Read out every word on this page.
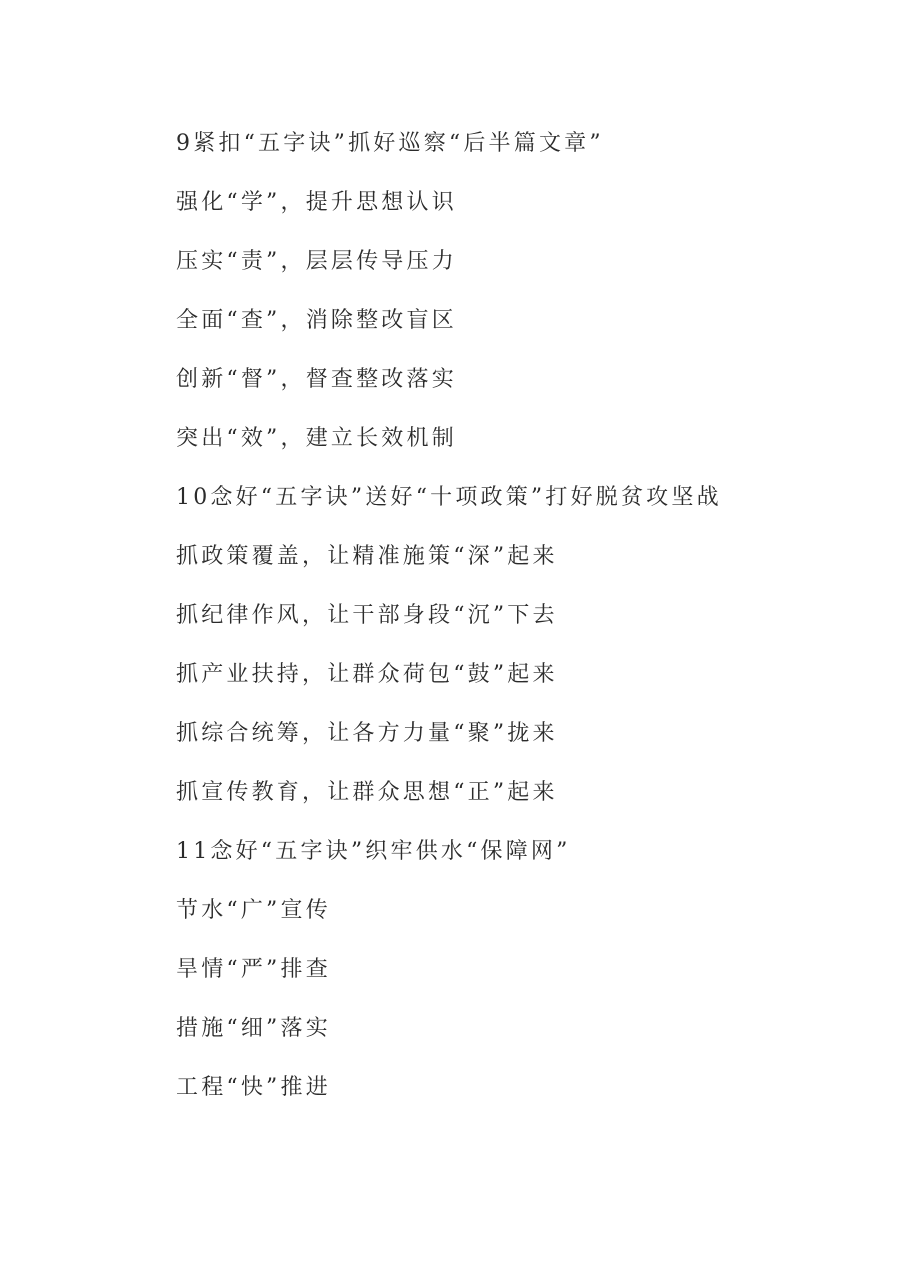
9紧扣“五字诀”抓好巡察“后半篇文章”
强化“学”，提升思想认识
压实“责”，层层传导压力
全面“查”，消除整改盲区
创新“督”，督查整改落实
突出“效”，建立长效机制
10念好“五字诀”送好“十项政策”打好脱贫攻坚战
抓政策覆盖，让精准施策“深”起来
抓纪律作风，让干部身段“沉”下去
抓产业扶持，让群众荷包“鼓”起来
抓综合统筹，让各方力量“聚”拢来
抓宣传教育，让群众思想“正”起来
11念好“五字诀”织牢供水“保障网”
节水“广”宣传
旱情“严”排查
措施“细”落实
工程“快”推进
